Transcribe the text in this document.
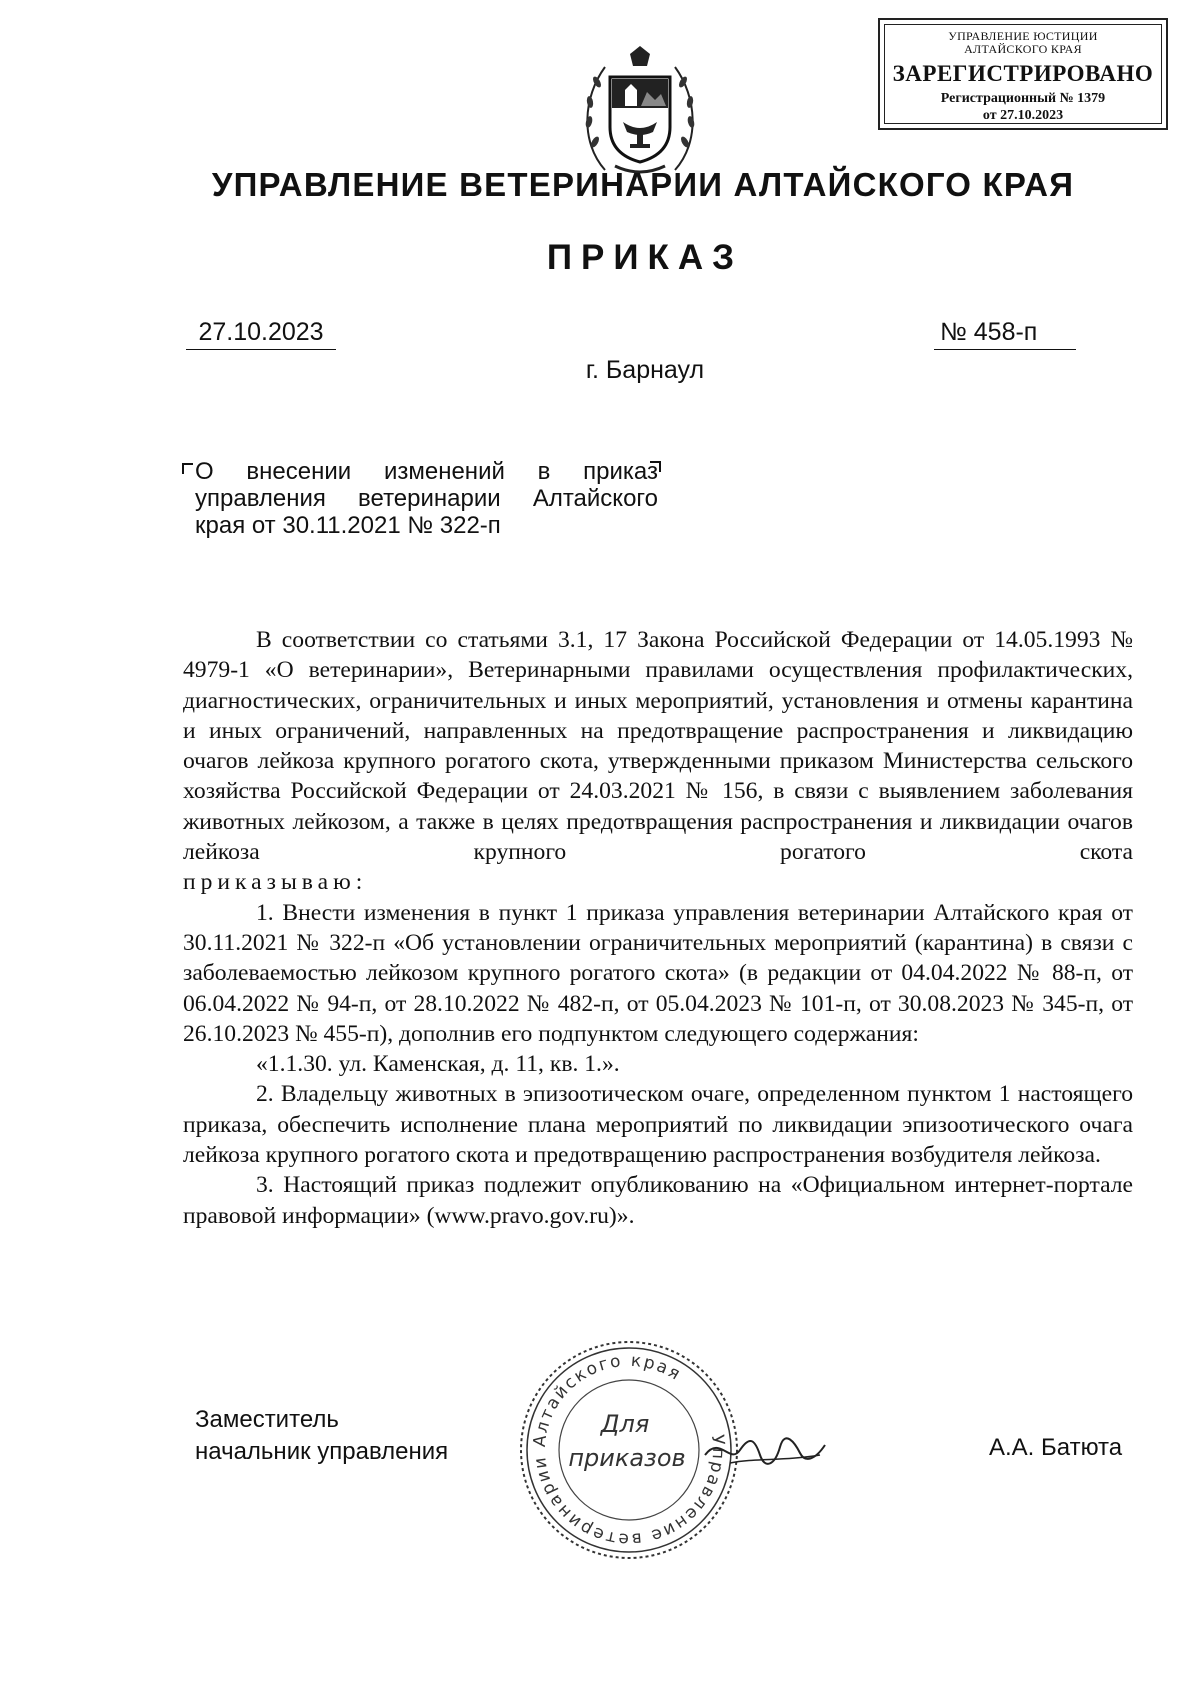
УПРАВЛЕНИЕ ЮСТИЦИИ
АЛТАЙСКОГО КРАЯ
ЗАРЕГИСТРИРОВАНО
Регистрационный № 1379
от 27.10.2023
УПРАВЛЕНИЕ ВЕТЕРИНАРИИ АЛТАЙСКОГО КРАЯ
ПРИКАЗ
27.10.2023	№ 458-п
г. Барнаул
О внесении изменений в приказ
управления ветеринарии Алтайского
края от 30.11.2021 № 322-п

В соответствии со статьями 3.1, 17 Закона Российской Федерации от 14.05.1993 № 4979-1 «О ветеринарии», Ветеринарными правилами осуществления профилактических, диагностических, ограничительных и иных мероприятий, установления и отмены карантина и иных ограничений, направленных на предотвращение распространения и ликвидацию очагов лейкоза крупного рогатого скота, утвержденными приказом Министерства сельского хозяйства Российской Федерации от 24.03.2021 № 156, в связи с выявлением заболевания животных лейкозом, а также в целях предотвращения распространения и ликвидации очагов лейкоза крупного рогатого скота

приказываю:

1. Внести изменения в пункт 1 приказа управления ветеринарии Алтайского края от 30.11.2021 № 322-п «Об установлении ограничительных мероприятий (карантина) в связи с заболеваемостью лейкозом крупного рогатого скота» (в редакции от 04.04.2022 № 88-п, от 06.04.2022 № 94-п, от 28.10.2022 № 482-п, от 05.04.2023 № 101-п, от 30.08.2023 № 345-п, от 26.10.2023 № 455-п), дополнив его подпунктом следующего содержания:

«1.1.30. ул. Каменская, д. 11, кв. 1.».

2. Владельцу животных в эпизоотическом очаге, определенном пунктом 1 настоящего приказа, обеспечить исполнение плана мероприятий по ликвидации эпизоотического очага лейкоза крупного рогатого скота и предотвращению распространения возбудителя лейкоза.

3. Настоящий приказ подлежит опубликованию на «Официальном интернет-портале правовой информации» (www.pravo.gov.ru)».

Заместитель
начальник управления	А.А. Батюта
Управление ветеринарии Алтайского края
Для
приказов
